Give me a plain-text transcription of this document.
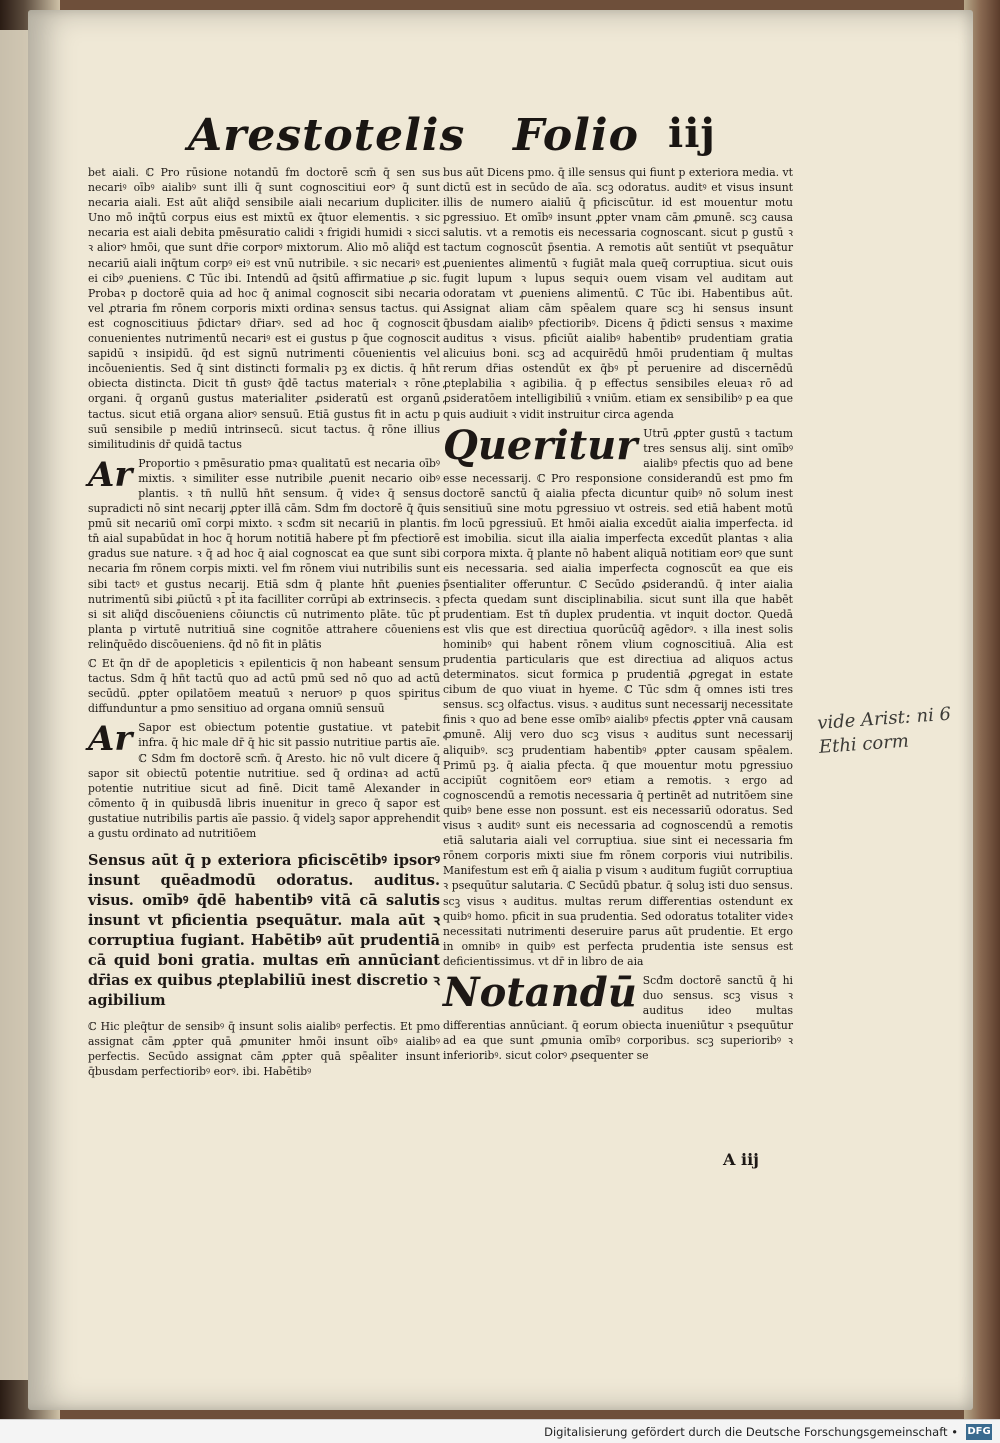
Arestotelis Folio iij

bet aiali. ℂ Pro rūsione notandū fm doctorē scm̄ q̄ sen sus necariꝰ oībꝰ aialibꝰ sunt illi q̄ sunt cognoscitiui eorꝰ q̄ sunt necaria aiali. Est aūt aliq̄d sensibile aiali necarium dupliciter. Uno mō inq̄tū corpus eius est mixtū ex q̄tuor elementis. ꝛ sic necaria est aiali debita pmēsuratio calidi ꝛ frigidi humidi ꝛ sicci ꝛ aliorꝰ hmōi, que sunt dr̄ie corporꝰ mixtorum. Alio mō aliq̄d est necariū aiali inq̄tum corpꝰ eiꝰ est vnū nutribile. ꝛ sic necariꝰ est ei cibꝰ ꝓueniens. ℂ Tūc ibi. Intendū ad q̄sitū affirmatiue ꝓ sic. Probaꝛ p doctorē quia ad hoc q̄ animal cognoscit sibi necaria vel ꝓtraria fm rōnem corporis mixti ordinaꝛ sensus tactus. qui est cognoscitiuus p̄dictarꝰ dr̄iarꝰ. sed ad hoc q̄ cognoscit conuenientes nutrimentū necariꝰ est ei gustus p q̄ue cognoscit sapidū ꝛ insipidū. q̄d est signū nutrimenti cōuenientis vel incōuenientis. Sed q̄ sint distincti formaliꝛ pꝫ ex dictis. q̄ hn̄t obiecta distincta. Dicit tn̄ gustꝰ q̄dē tactus materialꝛ ꝛ rōne organi. q̄ organū gustus materialiter ꝓsideratū est organū tactus. sicut etiā organa aliorꝰ sensuū. Etiā gustus fit in actu p suū sensibile p mediū intrinsecū. sicut tactus. q̄ rōne illius similitudinis dr̄ quidā tactus

Ar Proportio ꝛ pmēsuratio pmaꝛ qualitatū est necaria oībꝰ mixtis. ꝛ similiter esse nutribile ꝓuenit necario oibꝰ plantis. ꝛ tn̄ nullū hn̄t sensum. q̄ videꝛ q̄ sensus supradicti nō sint necarij ꝓpter illā cām. Sdm fm doctorē q̄ q̄uis pmū sit necariū omī corpi mixto. ꝛ scđm sit necariū in plantis. tn̄ aial supabūdat in hoc q̄ horum notitiā habere pt̄ fm pfectiorē gradus sue nature. ꝛ q̄ ad hoc q̄ aial cognoscat ea que sunt sibi necaria fm rōnem corpis mixti. vel fm rōnem viui nutribilis sunt sibi tactꝰ et gustus necarij. Etiā sdm q̄ plante hn̄t ꝓuenies nutrimentū sibi ꝓiūctū ꝛ pt̄ ita facilliter corrūpi ab extrinsecis. ꝛ si sit aliq̄d discōueniens cōiunctis cū nutrimento plāte. tūc pt̄ planta p virtutē nutritiuā sine cognitōe attrahere cōueniens relinq̄uēdo discōueniens. q̄d nō fit in plātis

ℂ Et q̄n dr̄ de apopleticis ꝛ epilenticis q̄ non habeant sensum tactus. Sdm q̄ hn̄t tactū quo ad actū pmū sed nō quo ad actū secūdū. ꝓpter opilatōem meatuū ꝛ neruorꝰ p quos spiritus diffunduntur a pmo sensitiuo ad organa omniū sensuū

Ar Sapor est obiectum potentie gustatiue. vt patebit infra. q̄ hic male dr̄ q̄ hic sit passio nutritiue partis aīe. ℂ Sdm fm doctorē scm̄. q̄ Aresto. hic nō vult dicere q̄ sapor sit obiectū potentie nutritiue. sed q̄ ordinaꝛ ad actū potentie nutritiue sicut ad finē. Dicit tamē Alexander in cōmento q̄ in quibusdā libris inuenitur in greco q̄ sapor est gustatiue nutribilis partis aīe passio. q̄ videlꝫ sapor apprehendit a gustu ordinato ad nutritiōem

Sensus aūt q̄ p exteriora pficiscētibꝰ ipsorꝰ insunt quēadmodū odoratus. auditus. visus. omībꝰ q̄dē habentibꝰ vitā cā salutis insunt vt pficientia psequātur. mala aūt ꝛ corruptiua fugiant. Habētibꝰ aūt prudentiā cā quid boni gratia. multas em̄ annūciant dr̄ias ex quibus ꝓteplabiliū inest discretio ꝛ agibilium

ℂ Hic pleq̄tur de sensibꝰ q̄ insunt solis aialibꝰ perfectis. Et pmo assignat cām ꝓpter quā ꝓmuniter hmōi insunt oībꝰ aialibꝰ perfectis. Secūdo assignat cām ꝓpter quā spēaliter insunt q̄busdam perfectioribꝰ eorꝰ. ibi. Habētibꝰ

bus aūt Dicens pmo. q̄ ille sensus qui fiunt p exteriora media. vt dictū est in secūdo de aīa. scꝫ odoratus. auditꝰ et visus insunt illis de numero aialiū q̄ pficiscūtur. id est mouentur motu pgressiuo. Et omībꝰ insunt ꝓpter vnam cām ꝓmunē. scꝫ causa salutis. vt a remotis eis necessaria cognoscant. sicut p gustū ꝛ tactum cognoscūt p̄sentia. A remotis aūt sentiūt vt psequātur ꝓuenientes alimentū ꝛ fugiāt mala queq̄ corruptiua. sicut ouis fugit lupum ꝛ lupus sequiꝛ ouem visam vel auditam aut odoratam vt ꝓueniens alimentū. ℂ Tūc ibi. Habentibus aūt. Assignat aliam cām spēalem quare scꝫ hi sensus insunt q̄busdam aialibꝰ pfectioribꝰ. Dicens q̄ p̄dicti sensus ꝛ maxime auditus ꝛ visus. pficiūt aialibꝰ habentibꝰ prudentiam gratia alicuius boni. scꝫ ad acquirēdū hmōi prudentiam q̄ multas rerum dr̄ias ostendūt ex q̄bꝰ pt̄ peruenire ad discernēdū ꝓteplabilia ꝛ agibilia. q̄ p effectus sensibiles eleuaꝛ rō ad ꝓsideratōem intelligibiliū ꝛ vniūm. etiam ex sensibilibꝰ p ea que quis audiuit ꝛ vidit instruitur circa agenda

Queritur Utrū ꝓpter gustū ꝛ tactum tres sensus alij. sint omībꝰ aialibꝰ pfectis quo ad bene esse necessarij. ℂ Pro responsione considerandū est pmo fm doctorē sanctū q̄ aialia pfecta dicuntur quibꝰ nō solum inest sensitiuū sine motu pgressiuo vt ostreis. sed etiā habent motū fm locū pgressiuū. Et hmōi aialia excedūt aialia imperfecta. id est imobilia. sicut illa aialia imperfecta excedūt plantas ꝛ alia corpora mixta. q̄ plante nō habent aliquā notitiam eorꝰ que sunt eis necessaria. sed aialia imperfecta cognoscūt ea que eis p̄sentialiter offeruntur. ℂ Secūdo ꝓsiderandū. q̄ inter aialia pfecta quedam sunt disciplinabilia. sicut sunt illa que habēt prudentiam. Est tn̄ duplex prudentia. vt inquit doctor. Quedā est vlis que est directiua quorūcūq̄ agēdorꝰ. ꝛ illa inest solis hominibꝰ qui habent rōnem vlium cognoscitiuā. Alia est prudentia particularis que est directiua ad aliquos actus determinatos. sicut formica p prudentiā ꝓgregat in estate cibum de quo viuat in hyeme. ℂ Tūc sdm q̄ omnes isti tres sensus. scꝫ olfactus. visus. ꝛ auditus sunt necessarij necessitate finis ꝛ quo ad bene esse omībꝰ aialibꝰ pfectis ꝓpter vnā causam ꝓmunē. Alij vero duo scꝫ visus ꝛ auditus sunt necessarij aliquibꝰ. scꝫ prudentiam habentibꝰ ꝓpter causam spēalem. Primū pꝫ. q̄ aialia pfecta. q̄ que mouentur motu pgressiuo accipiūt cognitōem eorꝰ etiam a remotis. ꝛ ergo ad cognoscendū a remotis necessaria q̄ pertinēt ad nutritōem sine quibꝰ bene esse non possunt. est eis necessariū odoratus. Sed visus ꝛ auditꝰ sunt eis necessaria ad cognoscendū a remotis etiā salutaria aiali vel corruptiua. siue sint ei necessaria fm rōnem corporis mixti siue fm rōnem corporis viui nutribilis. Manifestum est em̄ q̄ aialia p visum ꝛ auditum fugiūt corruptiua ꝛ psequūtur salutaria. ℂ Secūdū pbatur. q̄ soluꝫ isti duo sensus. scꝫ visus ꝛ auditus. multas rerum differentias ostendunt ex quibꝰ homo. pficit in sua prudentia. Sed odoratus totaliter videꝛ necessitati nutrimenti deseruire parus aūt prudentie. Et ergo in omnibꝰ in quibꝰ est perfecta prudentia iste sensus est deficientissimus. vt dr̄ in libro de aia

Notandū Scđm doctorē sanctū q̄ hi duo sensus. scꝫ visus ꝛ auditus ideo multas differentias annūciant. q̄ eorum obiecta inueniūtur ꝛ psequūtur ad ea que sunt ꝓmunia omībꝰ corporibus. scꝫ superioribꝰ ꝛ inferioribꝰ. sicut colorꝰ ꝓsequenter se

vide Arist: ni 6 Ethi corm
A iij
Digitalisierung gefördert durch die Deutsche Forschungsgemeinschaft • DFG
